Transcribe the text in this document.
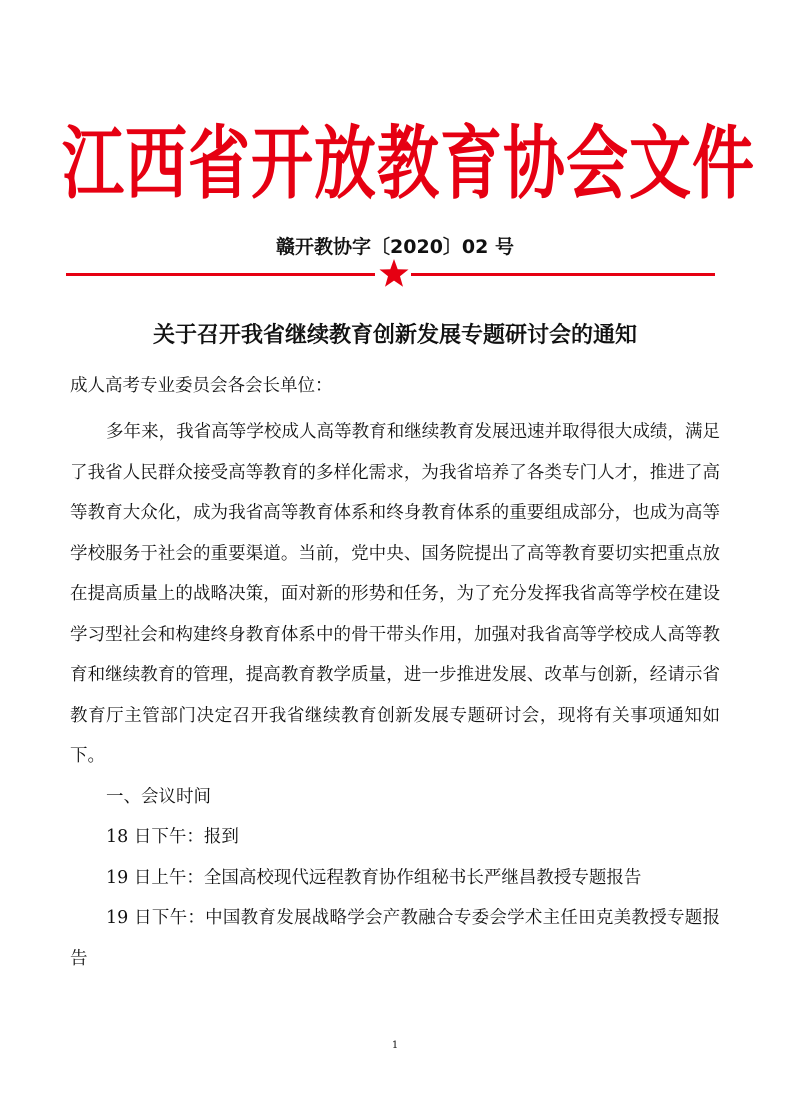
江西省开放教育协会文件
赣开教协字〔2020〕02 号
关于召开我省继续教育创新发展专题研讨会的通知
成人高考专业委员会各会长单位：

多年来，我省高等学校成人高等教育和继续教育发展迅速并取得很大成绩，满足了我省人民群众接受高等教育的多样化需求，为我省培养了各类专门人才，推进了高等教育大众化，成为我省高等教育体系和终身教育体系的重要组成部分，也成为高等学校服务于社会的重要渠道。当前，党中央、国务院提出了高等教育要切实把重点放在提高质量上的战略决策，面对新的形势和任务，为了充分发挥我省高等学校在建设学习型社会和构建终身教育体系中的骨干带头作用，加强对我省高等学校成人高等教育和继续教育的管理，提高教育教学质量，进一步推进发展、改革与创新，经请示省教育厅主管部门决定召开我省继续教育创新发展专题研讨会，现将有关事项通知如下。

一、会议时间

18 日下午：报到

19 日上午：全国高校现代远程教育协作组秘书长严继昌教授专题报告

19 日下午：中国教育发展战略学会产教融合专委会学术主任田克美教授专题报告

1
